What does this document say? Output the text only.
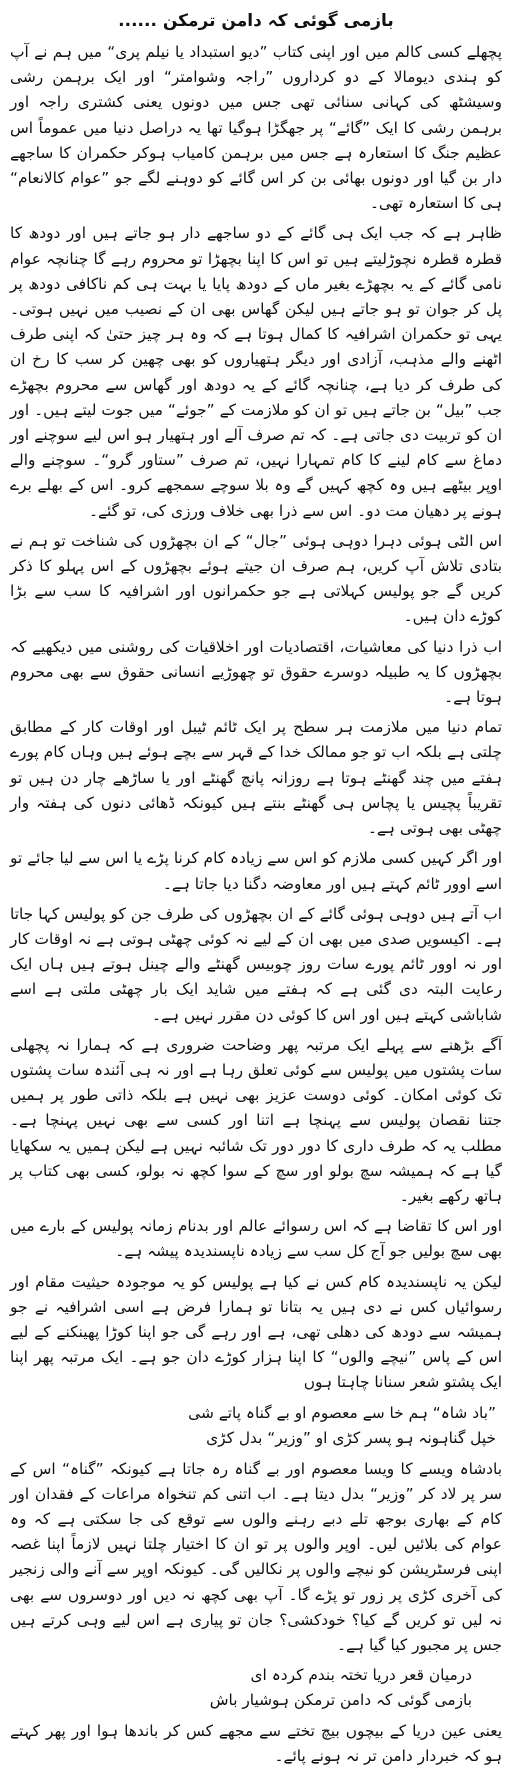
بازمی گوئی کہ دامن ترمکن ......

پچھلے کسی کالم میں اور اپنی کتاب ”دیو استبداد یا نیلم پری“ میں ہم نے آپ کو ہندی دیومالا کے دو کرداروں ”راجہ وشوامتر“ اور ایک برہمن رشی وسیشٹھ کی کہانی سنائی تھی جس میں دونوں یعنی کشتری راجہ اور برہمن رشی کا ایک ”گائے“ پر جھگڑا ہوگیا تھا یہ دراصل دنیا میں عموماً اس عظیم جنگ کا استعارہ ہے جس میں برہمن کامیاب ہوکر حکمران کا ساجھے دار بن گیا اور دونوں بھائی بن کر اس گائے کو دوہنے لگے جو ”عوام کالانعام“ ہی کا استعارہ تھی۔

ظاہر ہے کہ جب ایک ہی گائے کے دو ساجھے دار ہو جاتے ہیں اور دودھ کا قطرہ قطرہ نچوڑلیتے ہیں تو اس کا اپنا بچھڑا تو محروم رہے گا چنانچہ عوام نامی گائے کے یہ بچھڑے بغیر ماں کے دودھ پایا یا بہت ہی کم ناکافی دودھ پر پل کر جوان تو ہو جاتے ہیں لیکن گھاس بھی ان کے نصیب میں نہیں ہوتی۔ یہی تو حکمران اشرافیہ کا کمال ہوتا ہے کہ وہ ہر چیز حتیٰ کہ اپنی طرف اٹھنے والے مذہب، آزادی اور دیگر ہتھیاروں کو بھی چھین کر سب کا رخ ان کی طرف کر دیا ہے، چنانچہ گائے کے یہ دودھ اور گھاس سے محروم بچھڑے جب ”بیل“ بن جاتے ہیں تو ان کو ملازمت کے ”جوئے“ میں جوت لیتے ہیں۔ اور ان کو تربیت دی جاتی ہے۔ کہ تم صرف آلے اور ہتھیار ہو اس لیے سوچنے اور دماغ سے کام لینے کا کام تمہارا نہیں، تم صرف ”ستاور گرو“۔ سوچنے والے اوپر بیٹھے ہیں وہ کچھ کہیں گے وہ بلا سوچے سمجھے کرو۔ اس کے بھلے برے ہونے پر دھیان مت دو۔ اس سے ذرا بھی خلاف ورزی کی، تو گئے۔

اس الٹی ہوئی دہرا دوہی ہوئی ”جال“ کے ان بچھڑوں کی شناخت تو ہم نے بتادی تلاش آپ کریں، ہم صرف ان جیتے ہوئے بچھڑوں کے اس پہلو کا ذکر کریں گے جو پولیس کہلاتی ہے جو حکمرانوں اور اشرافیہ کا سب سے بڑا کوڑے دان ہیں۔

اب ذرا دنیا کی معاشیات، اقتصادیات اور اخلاقیات کی روشنی میں دیکھیے کہ بچھڑوں کا یہ طبیلہ دوسرے حقوق تو چھوڑیے انسانی حقوق سے بھی محروم ہوتا ہے۔

تمام دنیا میں ملازمت ہر سطح پر ایک ٹائم ٹیبل اور اوقات کار کے مطابق چلتی ہے بلکہ اب تو جو ممالک خدا کے قہر سے بچے ہوئے ہیں وہاں کام پورے ہفتے میں چند گھنٹے ہوتا ہے روزانہ پانچ گھنٹے اور یا ساڑھے چار دن ہیں تو تقریباً پچیس یا پچاس ہی گھنٹے بنتے ہیں کیونکہ ڈھائی دنوں کی ہفتہ وار چھٹی بھی ہوتی ہے۔

اور اگر کہیں کسی ملازم کو اس سے زیادہ کام کرنا پڑے یا اس سے لیا جائے تو اسے اوور ٹائم کہتے ہیں اور معاوضہ دگنا دیا جاتا ہے۔

اب آتے ہیں دوہی ہوئی گائے کے ان بچھڑوں کی طرف جن کو پولیس کہا جاتا ہے۔ اکیسویں صدی میں بھی ان کے لیے نہ کوئی چھٹی ہوتی ہے نہ اوقات کار اور نہ اوور ٹائم پورے سات روز چوبیس گھنٹے والے چینل ہوتے ہیں ہاں ایک رعایت البتہ دی گئی ہے کہ ہفتے میں شاید ایک بار چھٹی ملتی ہے اسے شاباشی کہتے ہیں اور اس کا کوئی دن مقرر نہیں ہے۔

آگے بڑھنے سے پہلے ایک مرتبہ پھر وضاحت ضروری ہے کہ ہمارا نہ پچھلی سات پشتوں میں پولیس سے کوئی تعلق رہا ہے اور نہ ہی آئندہ سات پشتوں تک کوئی امکان۔ کوئی دوست عزیز بھی نہیں ہے بلکہ ذاتی طور پر ہمیں جتنا نقصان پولیس سے پہنچا ہے اتنا اور کسی سے بھی نہیں پہنچا ہے۔ مطلب یہ کہ طرف داری کا دور دور تک شائبہ نہیں ہے لیکن ہمیں یہ سکھایا گیا ہے کہ ہمیشہ سچ بولو اور سچ کے سوا کچھ نہ بولو، کسی بھی کتاب پر ہاتھ رکھے بغیر۔

اور اس کا تقاضا ہے کہ اس رسوائے عالم اور بدنام زمانہ پولیس کے بارے میں بھی سچ بولیں جو آج کل سب سے زیادہ ناپسندیدہ پیشہ ہے۔

لیکن یہ ناپسندیدہ کام کس نے کیا ہے پولیس کو یہ موجودہ حیثیت مقام اور رسوائیاں کس نے دی ہیں یہ بتانا تو ہمارا فرض ہے اسی اشرافیہ نے جو ہمیشہ سے دودھ کی دھلی تھی، ہے اور رہے گی جو اپنا کوڑا پھینکنے کے لیے اس کے پاس ”نیچے والوں“ کا اپنا ہزار کوڑے دان جو ہے۔ ایک مرتبہ پھر اپنا ایک پشتو شعر سنانا چاہتا ہوں

”باد شاہ“ ہم خا سے معصوم او بے گناہ پاتے شی

خپل گناہونہ ہو پسر کڑی او ”وزیر“ بدل کڑی

بادشاہ ویسے کا ویسا معصوم اور بے گناہ رہ جاتا ہے کیونکہ ”گناہ“ اس کے سر پر لاد کر ”وزیر“ بدل دیتا ہے۔ اب اتنی کم تنخواہ مراعات کے فقدان اور کام کے بھاری بوجھ تلے دبے رہنے والوں سے توقع کی جا سکتی ہے کہ وہ عوام کی بلائیں لیں۔ اوپر والوں پر تو ان کا اختیار چلتا نہیں لازماً اپنا غصہ اپنی فرسٹریشن کو نیچے والوں پر نکالیں گی۔ کیونکہ اوپر سے آنے والی زنجیر کی آخری کڑی پر زور تو پڑے گا۔ آپ بھی کچھ نہ دیں اور دوسروں سے بھی نہ لیں تو کریں گے کیا؟ خودکشی؟ جان تو پیاری ہے اس لیے وہی کرتے ہیں جس پر مجبور کیا گیا ہے۔

درمیان قعر دریا تختہ بندم کردہ ای

بازمی گوئی کہ دامن ترمکن ہوشیار باش

یعنی عین دریا کے بیچوں بیچ تختے سے مجھے کس کر باندھا ہوا اور پھر کہتے ہو کہ خبردار دامن تر نہ ہونے پائے۔
